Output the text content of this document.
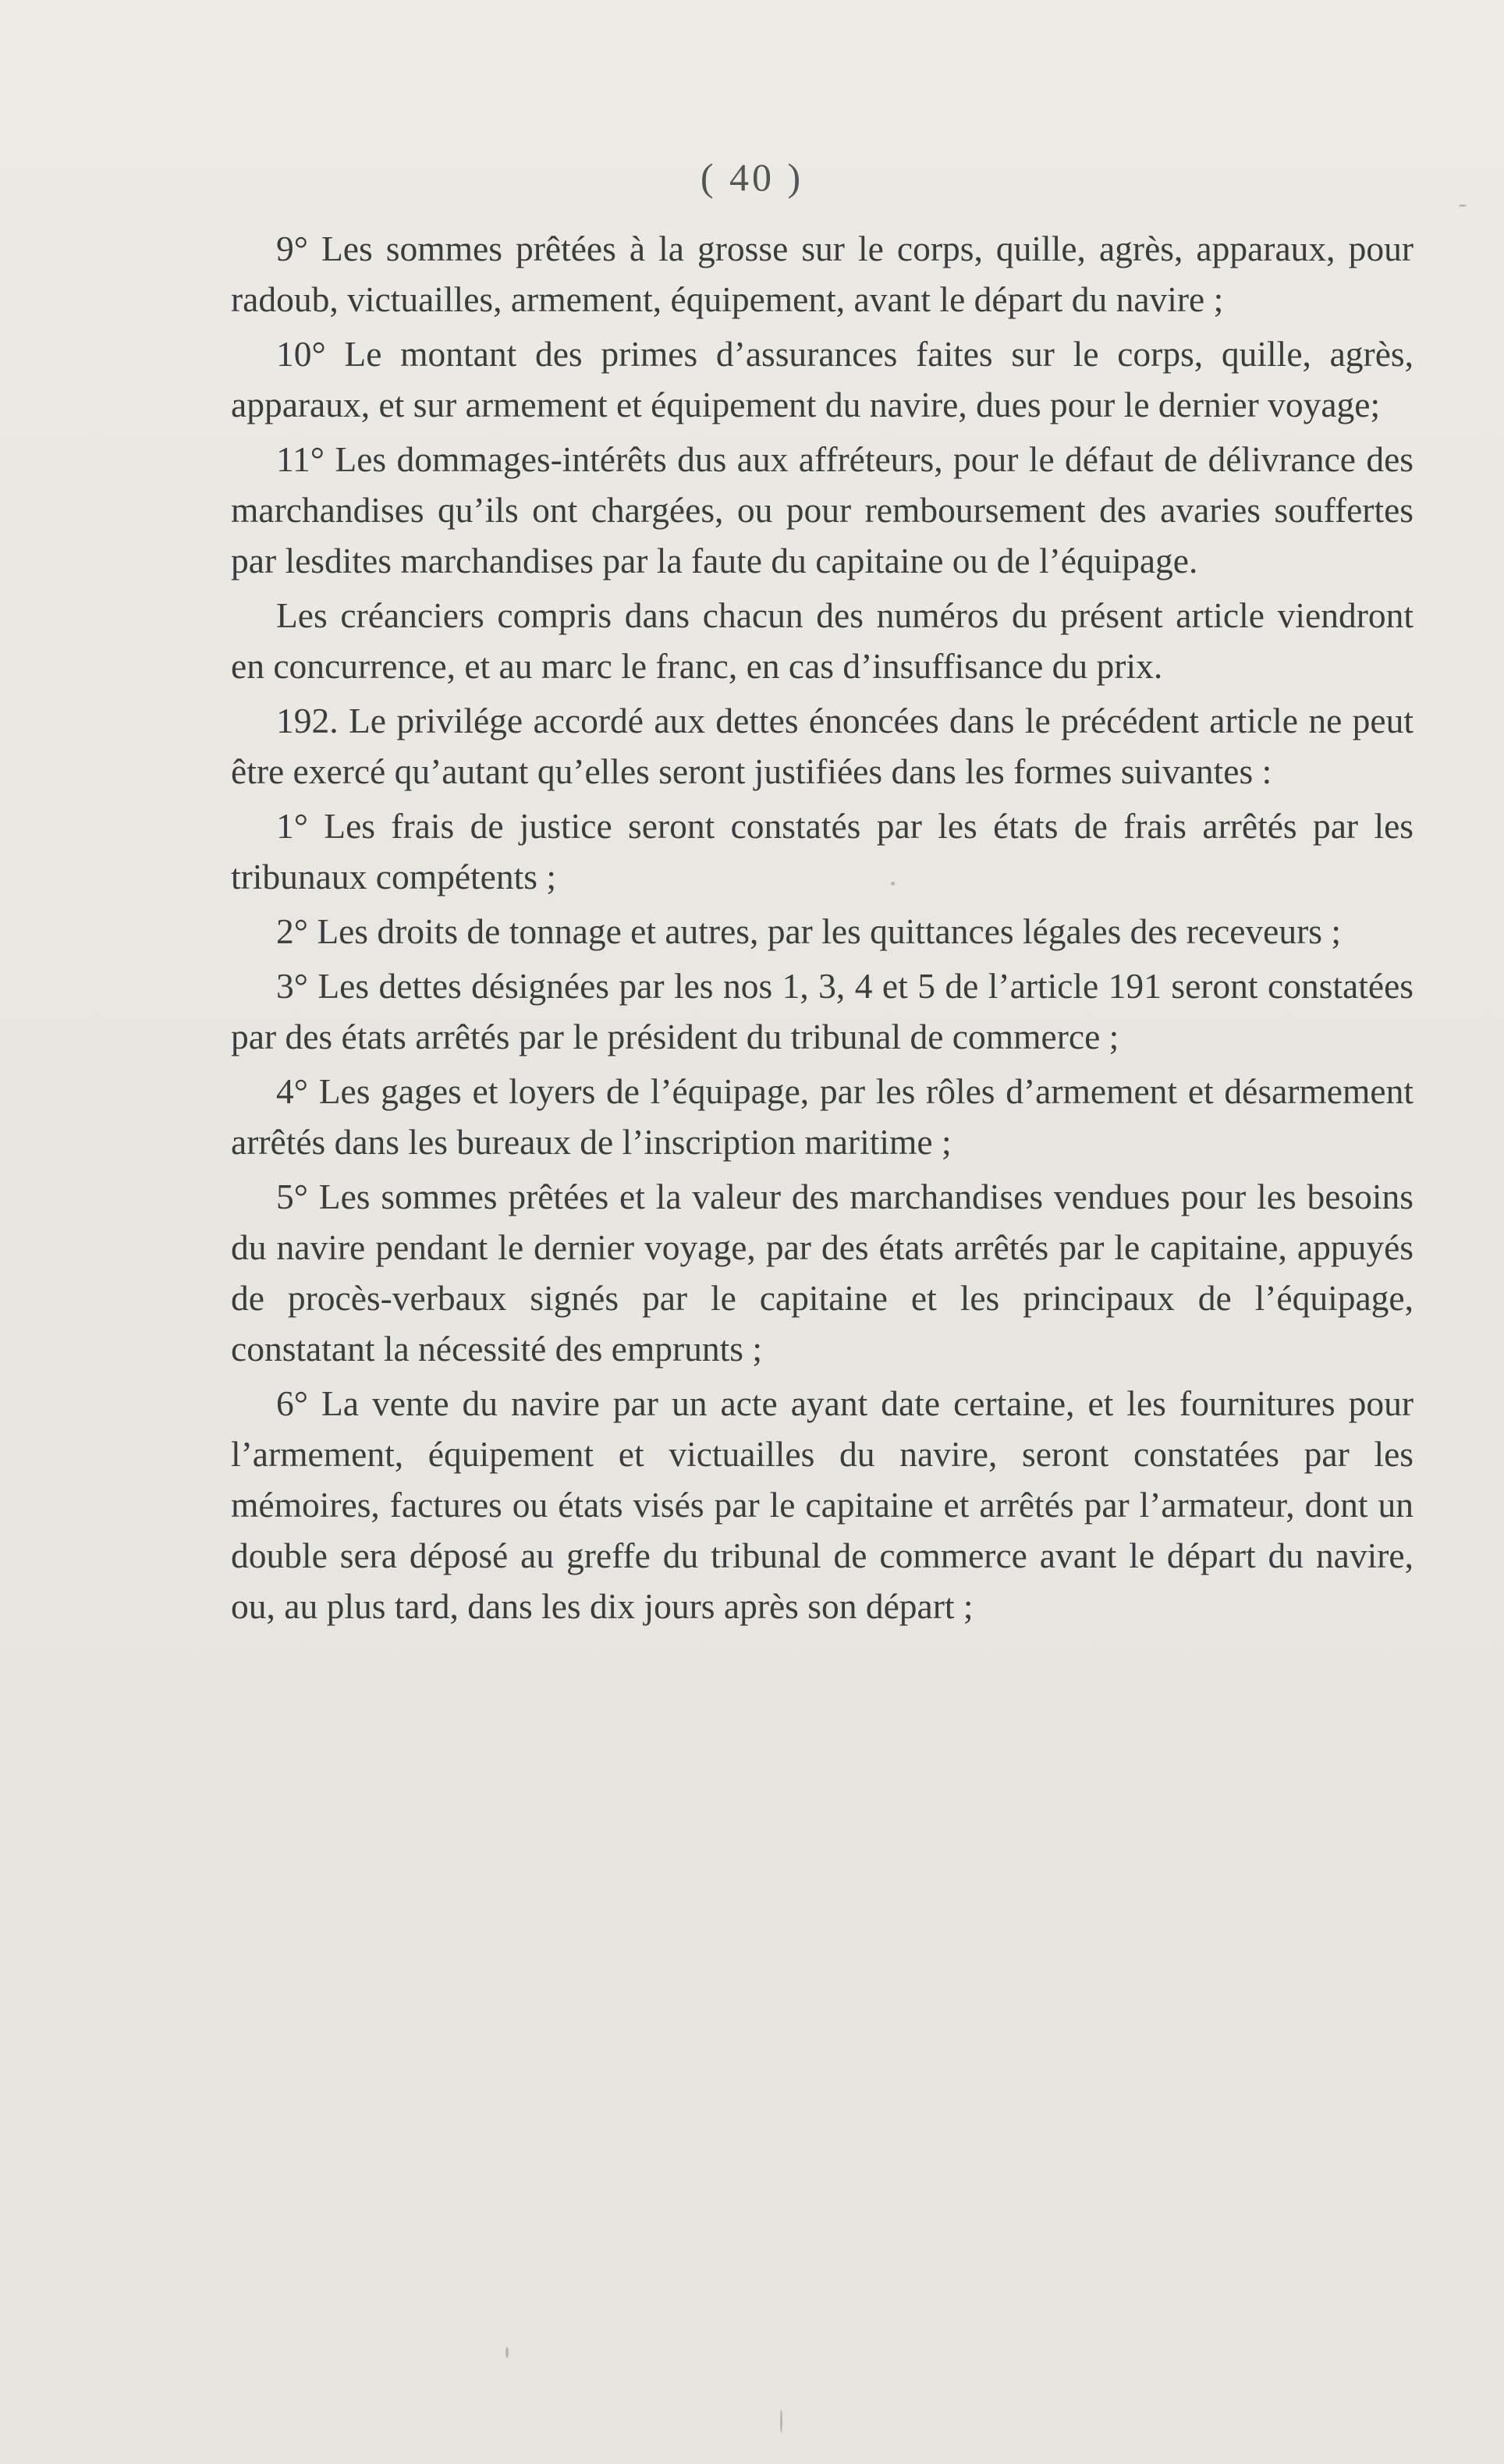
( 40 )

9° Les sommes prêtées à la grosse sur le corps, quille, agrès, apparaux, pour radoub, victuailles, armement, équipement, avant le départ du navire ;

10° Le montant des primes d’assurances faites sur le corps, quille, agrès, apparaux, et sur armement et équipement du navire, dues pour le dernier voyage;

11° Les dommages-intérêts dus aux affréteurs, pour le défaut de délivrance des marchandises qu’ils ont chargées, ou pour remboursement des avaries souffertes par lesdites marchandises par la faute du capitaine ou de l’équipage.

Les créanciers compris dans chacun des numéros du présent article viendront en concurrence, et au marc le franc, en cas d’insuffisance du prix.

192. Le privilége accordé aux dettes énoncées dans le précédent article ne peut être exercé qu’autant qu’elles seront justifiées dans les formes suivantes :

1° Les frais de justice seront constatés par les états de frais arrêtés par les tribunaux compétents ;

2° Les droits de tonnage et autres, par les quittances légales des receveurs ;

3° Les dettes désignées par les nos 1, 3, 4 et 5 de l’article 191 seront constatées par des états arrêtés par le président du tribunal de commerce ;

4° Les gages et loyers de l’équipage, par les rôles d’armement et désarmement arrêtés dans les bureaux de l’inscription maritime ;

5° Les sommes prêtées et la valeur des marchandises vendues pour les besoins du navire pendant le dernier voyage, par des états arrêtés par le capitaine, appuyés de procès-verbaux signés par le capitaine et les principaux de l’équipage, constatant la nécessité des emprunts ;

6° La vente du navire par un acte ayant date certaine, et les fournitures pour l’armement, équipement et victuailles du navire, seront constatées par les mémoires, factures ou états visés par le capitaine et arrêtés par l’armateur, dont un double sera déposé au greffe du tribunal de commerce avant le départ du navire, ou, au plus tard, dans les dix jours après son départ ;
